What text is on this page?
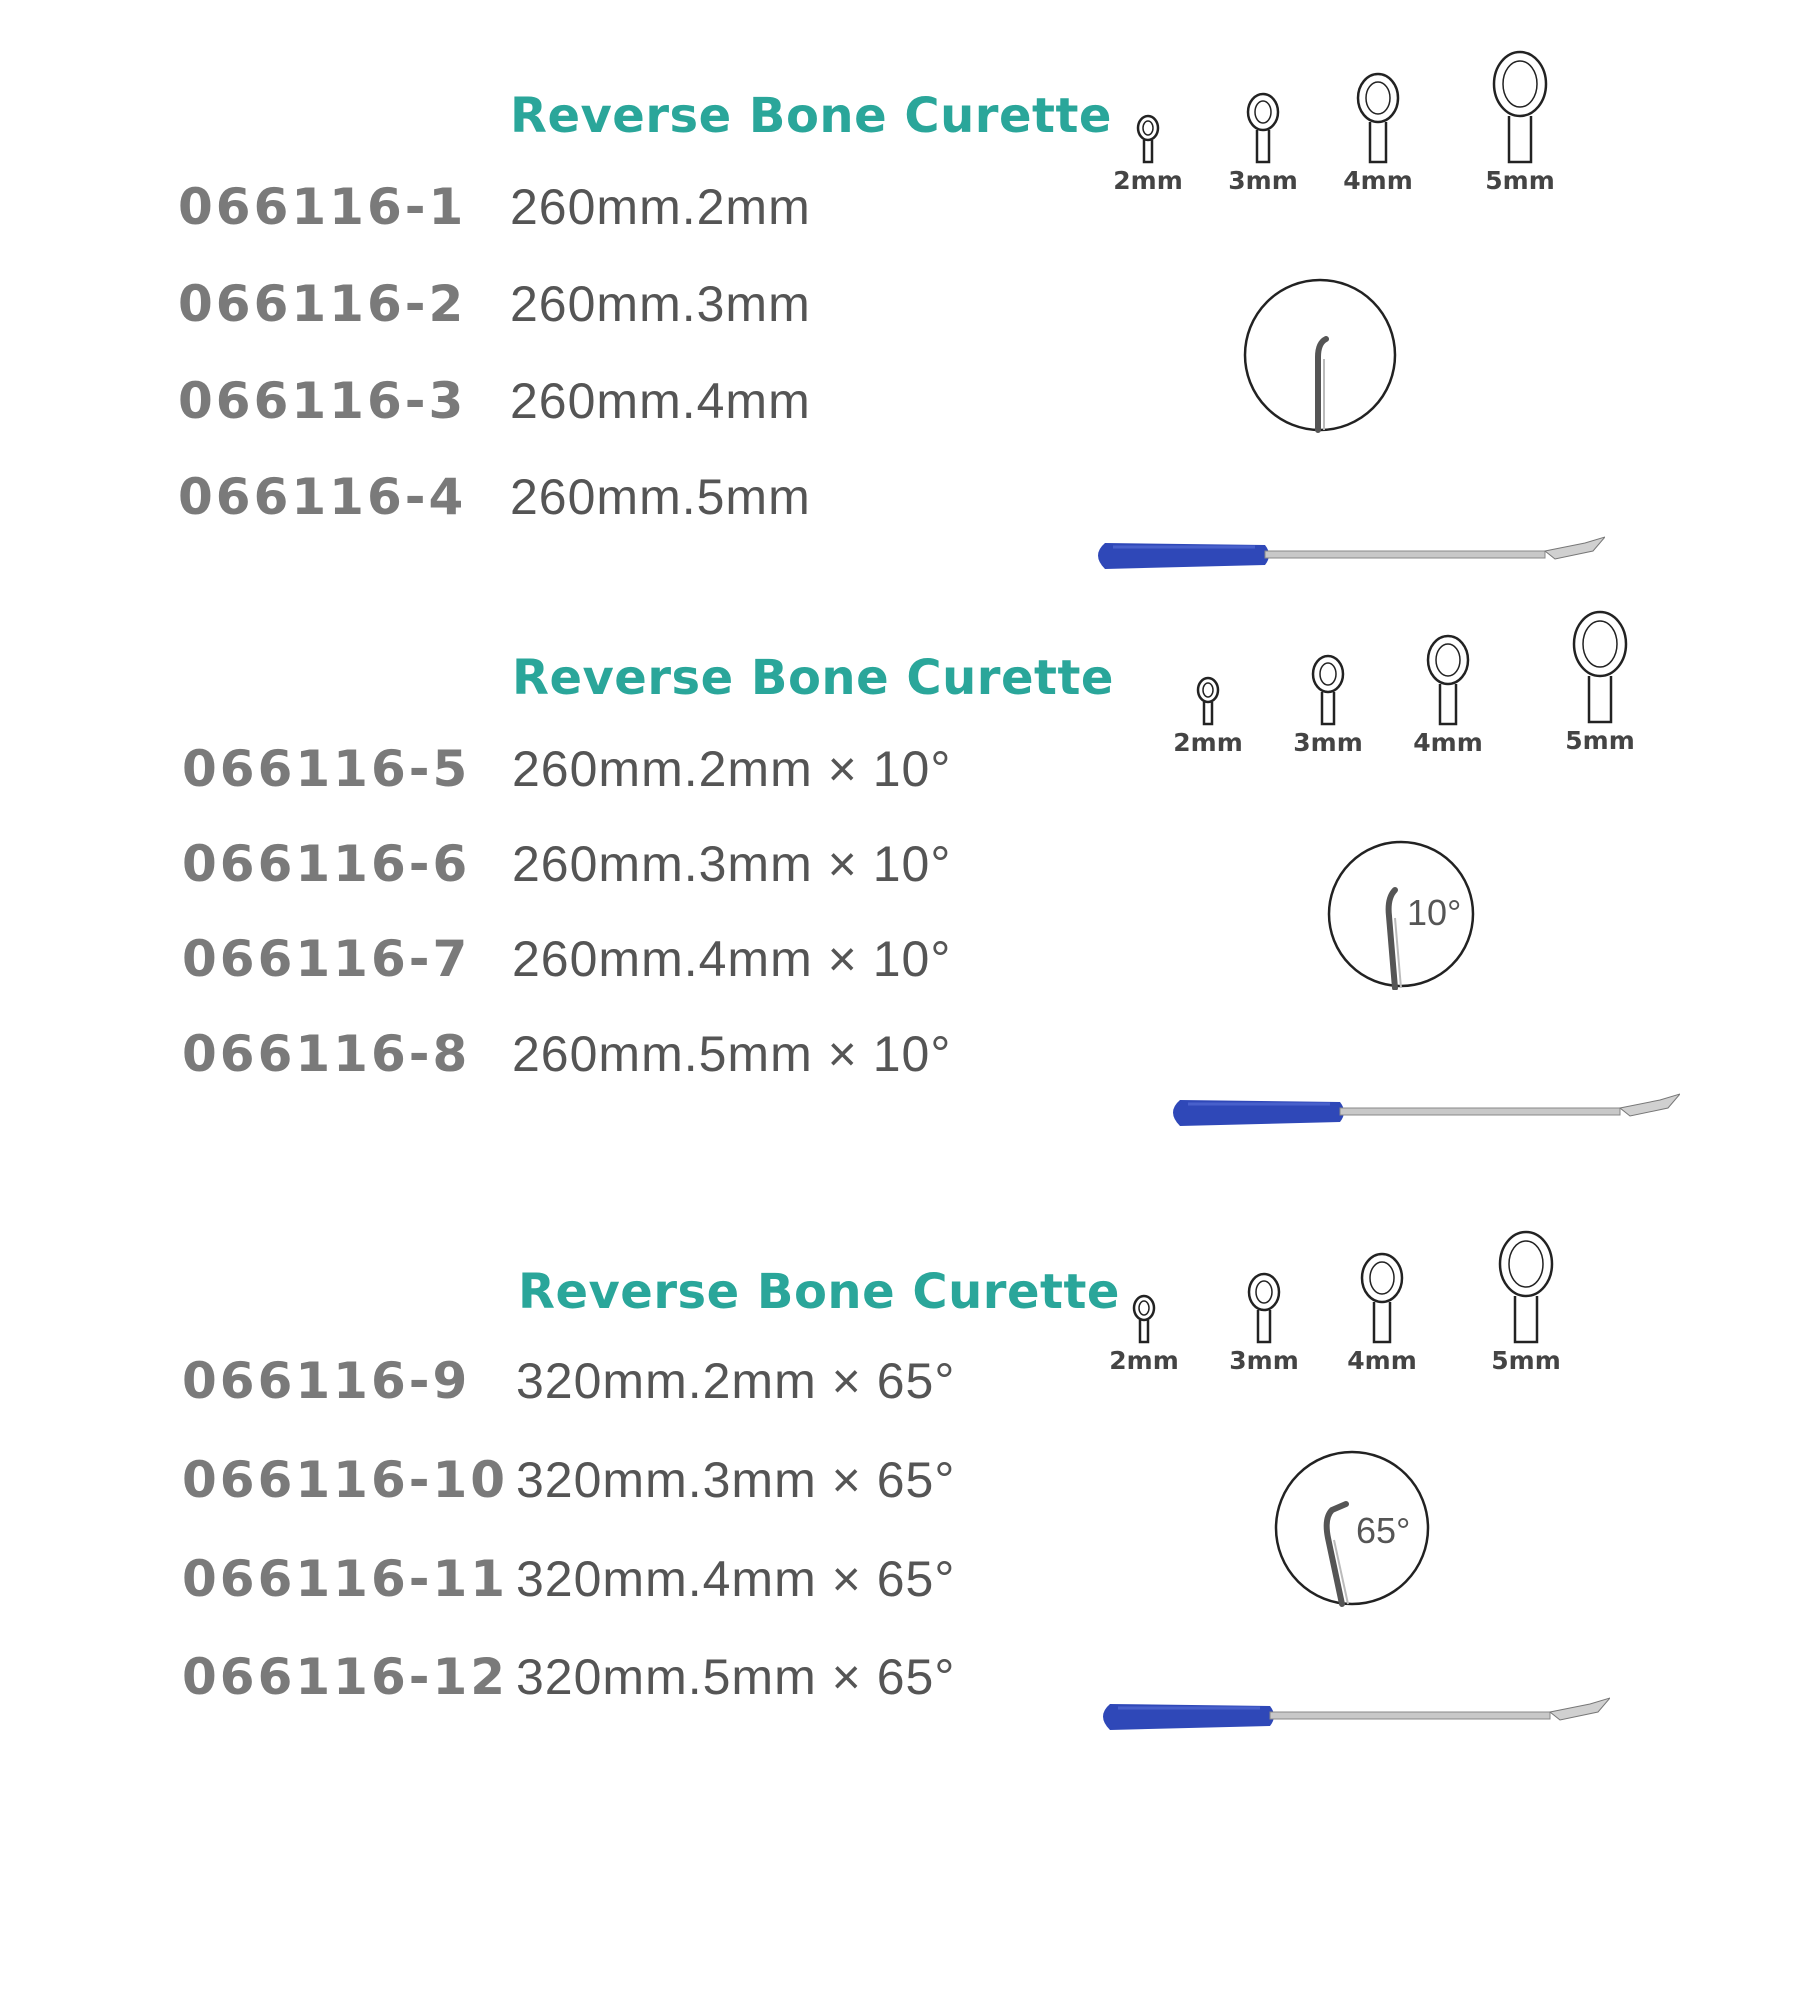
Reverse Bone Curette
066116-1 260mm.2mm
066116-2 260mm.3mm
066116-3 260mm.4mm
066116-4 260mm.5mm
2mm	3mm	4mm	5mm
Reverse Bone Curette
066116-5 260mm.2mm × 10°
066116-6 260mm.3mm × 10°
066116-7 260mm.4mm × 10°
066116-8 260mm.5mm × 10°
2mm	3mm	4mm	5mm
10°
Reverse Bone Curette
066116-9 320mm.2mm × 65°
066116-10 320mm.3mm × 65°
066116-11 320mm.4mm × 65°
066116-12 320mm.5mm × 65°
2mm	3mm	4mm	5mm
65°
